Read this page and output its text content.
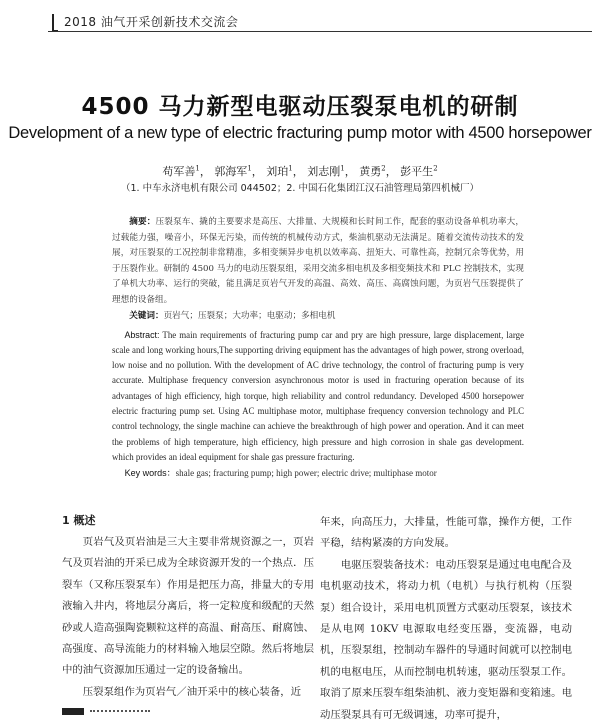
2018 油气开采创新技术交流会
4500 马力新型电驱动压裂泵电机的研制
Development of a new type of electric fracturing pump motor with 4500 horsepower
苟军善$^1$， 郭海军$^1$， 刘珀$^1$， 刘志刚$^1$， 黄勇$^2$， 彭平生$^2$
（1. 中车永济电机有限公司 044502；2. 中国石化集团江汉石油管理局第四机械厂）

摘要：压裂泵车、撬的主要要求是高压、大排量、大规模和长时间工作，配套的驱动设备单机功率大，过载能力强，噪音小，环保无污染，而传统的机械传动方式，柴油机驱动无法满足。随着交流传动技术的发展，对压裂泵的工况控制非常精准，多相变频异步电机以效率高、扭矩大、可靠性高，控制冗余等优势，用于压裂作业。研制的 4500 马力的电动压裂泵组，采用交流多相电机及多相变频技术和 PLC 控制技术，实现了单机大功率、运行的突破，能且满足页岩气开发的高温、高效、高压、高腐蚀问题，为页岩气压裂提供了理想的设备组。

关键词：页岩气；压裂泵；大功率；电驱动；多相电机

Abstract: The main requirements of fracturing pump car and pry are high pressure, large displacement, large scale and long working hours,The supporting driving equipment has the advantages of high power, strong overload, low noise and no pollution. With the development of AC drive technology, the control of fracturing pump is very accurate. Multiphase frequency conversion asynchronous motor is used in fracturing operation because of its advantages of high efficiency, high torque, high reliability and control redundancy. Developed 4500 horsepower electric fracturing pump set. Using AC multiphase motor, multiphase frequency conversion technology and PLC control technology, the single machine can achieve the breakthrough of high power and operation. And it can meet the problems of high temperature, high efficiency, high pressure and high corrosion in shale gas development. which provides an ideal equipment for shale gas pressure fracturing.

Key words：shale gas; fracturing pump; high power; electric drive; multiphase motor

1 概述

页岩气及页岩油是三大主要非常规资源之一，页岩气及页岩油的开采已成为全球资源开发的一个热点．压裂车（又称压裂泵车）作用是把压力高，排量大的专用液输入井内，将地层分离后，将一定粒度和级配的天然砂或人造高强陶瓷颗粒这样的高温、耐高压、耐腐蚀、高强度、高导流能力的材料输入地层空隙。然后将地层中的油气资源加压通过一定的设备输出。

压裂泵组作为页岩气／油开采中的核心装备，近

年来，向高压力，大排量，性能可靠，操作方便，工作平稳，结构紧凑的方向发展。

电驱压裂装备技术：电动压裂泵是通过电电配合及电机驱动技术，将动力机（电机）与执行机构（压裂泵）组合设计，采用电机顶置方式驱动压裂泵，该技术是从电网 10KV 电源取电经变压器，变流器，电动机，压裂泵组，控制动车器件的导通时间就可以控制电机的电枢电压，从而控制电机转速，驱动压裂泵工作。取消了原来压裂车组柴油机、液力变矩器和变箱速。电动压裂泵具有可无级调速，功率可提升，
